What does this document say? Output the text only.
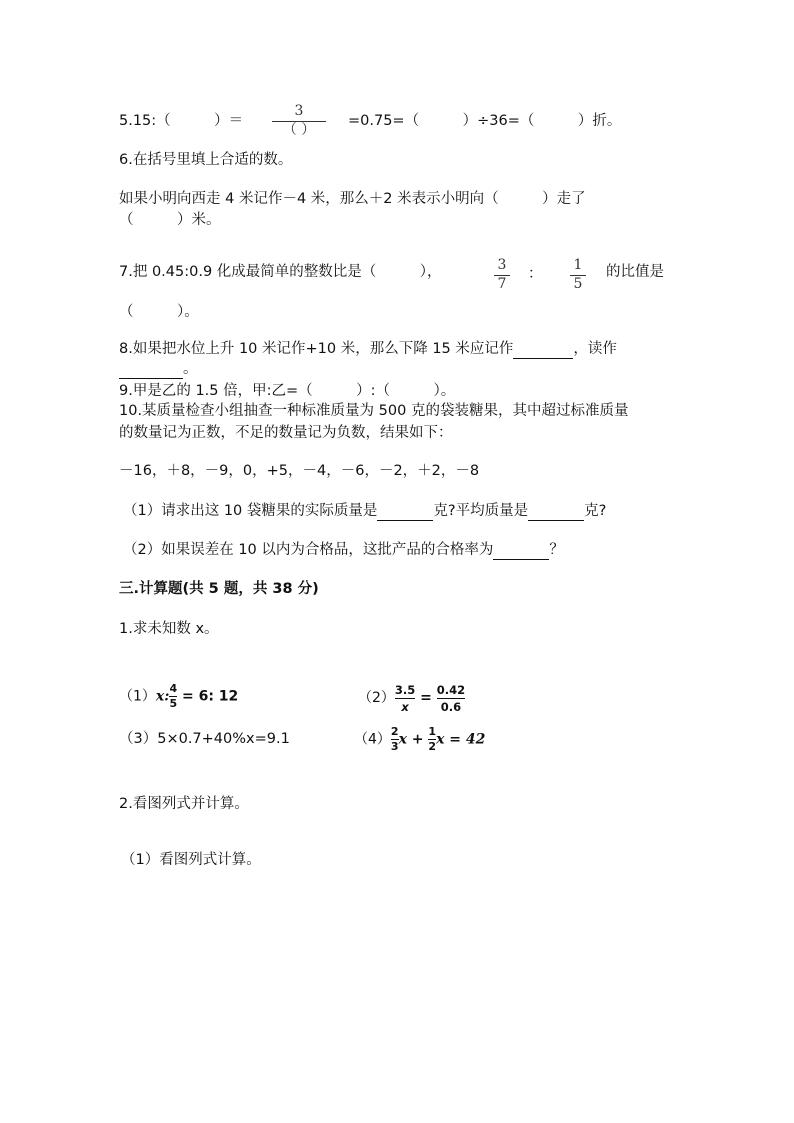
5.15:（　　　	）＝
3
（ ）
=0.75=（　　　	）÷36=（　　　	）折。
6.在括号里填上合适的数。
如果小明向西走 4 米记作－4 米，那么＋2 米表示小明向（　　　）走了
（　　　）米。
7.把 0.45:0.9 化成最简单的整数比是（　　　），	3
7
：
1
5
的比值是
（　　　）。
8.如果把水位上升 10 米记作+10 米，那么下降 15 米应记作	，读作
。
9.甲是乙的 1.5 倍，甲:乙=（　　　）:（　　　）。
10.某质量检查小组抽查一种标准质量为 500 克的袋装糖果，其中超过标准质量
的数量记为正数，不足的数量记为负数，结果如下：
－16，＋8，－9，0，+5，－4，－6，－2，＋2，－8
（1）请求出这 10 袋糖果的实际质量是	克?平均质量是	克?
（2）如果误差在 10 以内为合格品，这批产品的合格率为	？
三.计算题(共 5 题，共 38 分)
1.求未知数 x。
（1）x: $\frac{4}{5} = 6$: 12	$(2) \frac{3.5}{x} = \frac{0.42}{0.6}$
（3）5×0.7+40%x=9.1	$(4) \frac{2}{3}$ $x + \frac{1}{2}$ x = 42
2.看图列式并计算。
（1）看图列式计算。
